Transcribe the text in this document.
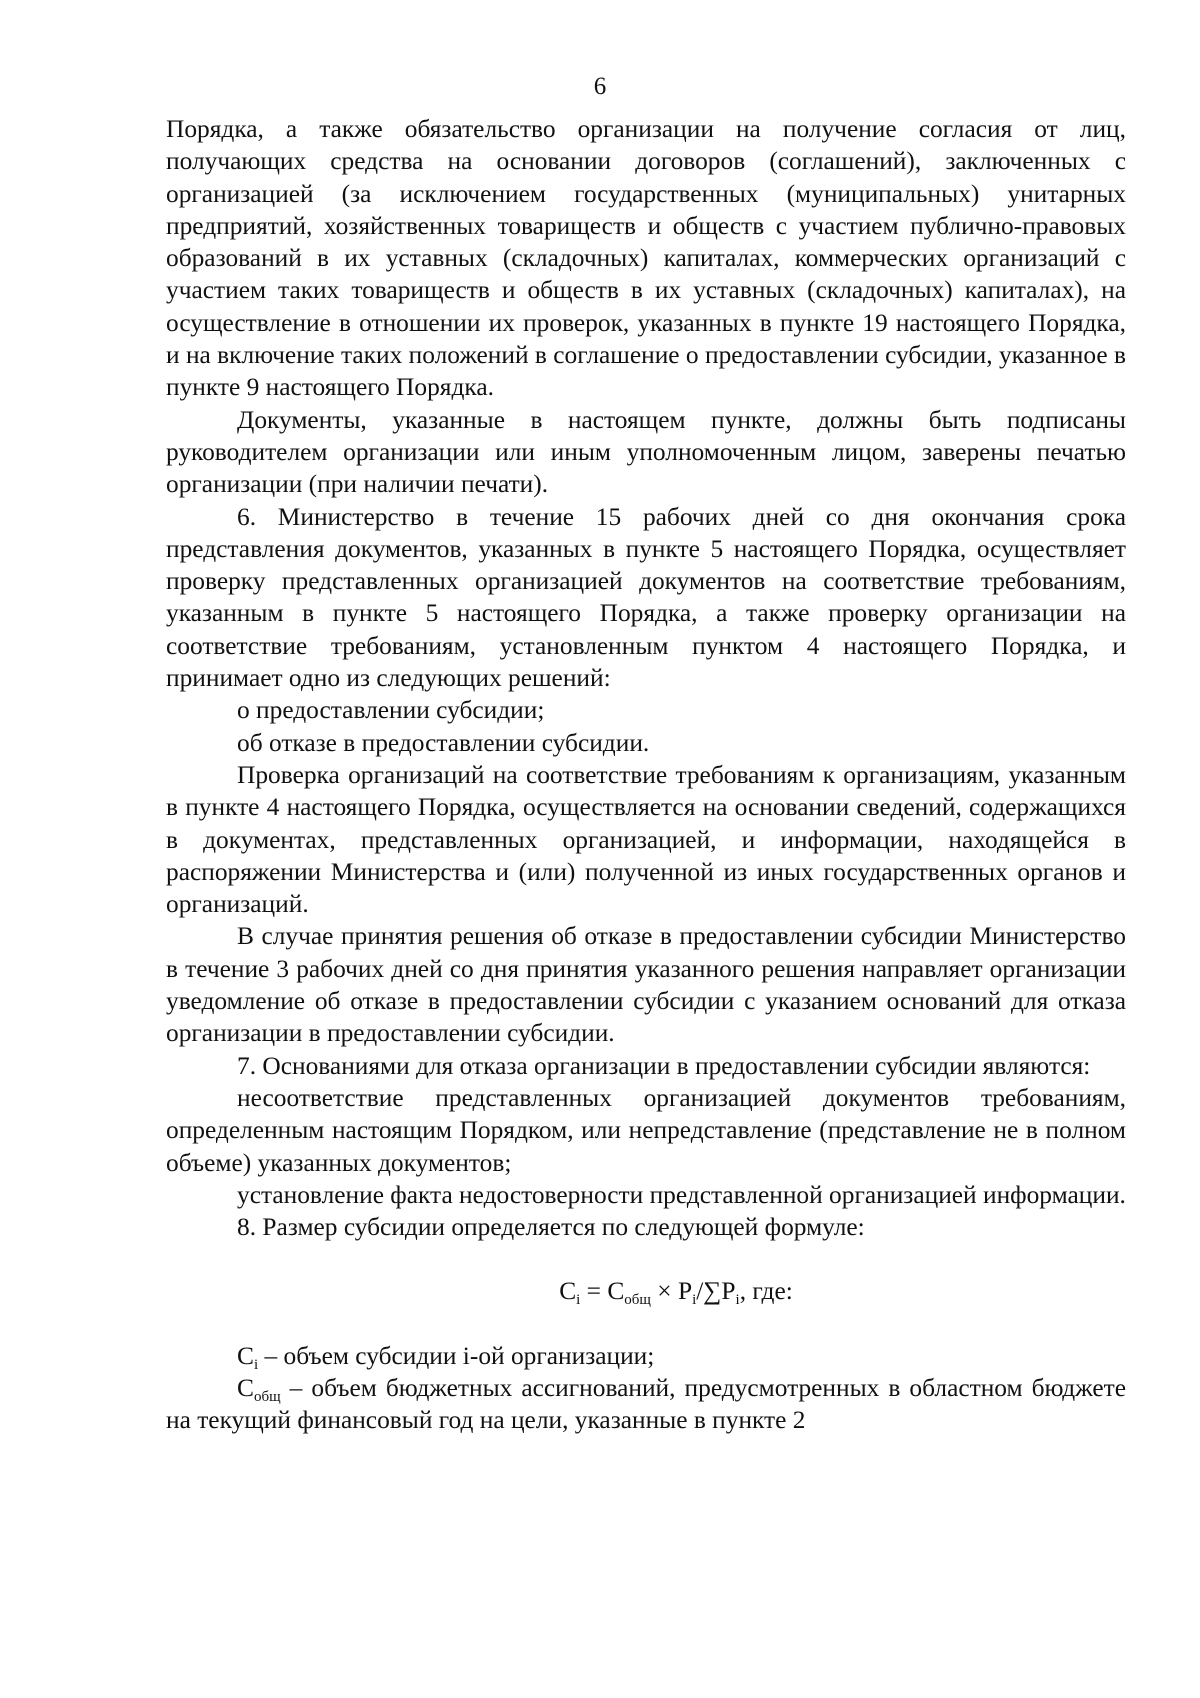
6

Порядка, а также обязательство организации на получение согласия от лиц, получающих средства на основании договоров (соглашений), заключенных с организацией (за исключением государственных (муниципальных) унитарных предприятий, хозяйственных товариществ и обществ с участием публично-правовых образований в их уставных (складочных) капиталах, коммерческих организаций с участием таких товариществ и обществ в их уставных (складочных) капиталах), на осуществление в отношении их проверок, указанных в пункте 19 настоящего Порядка, и на включение таких положений в соглашение о предоставлении субсидии, указанное в пункте 9 настоящего Порядка.

Документы, указанные в настоящем пункте, должны быть подписаны руководителем организации или иным уполномоченным лицом, заверены печатью организации (при наличии печати).

6. Министерство в течение 15 рабочих дней со дня окончания срока представления документов, указанных в пункте 5 настоящего Порядка, осуществляет проверку представленных организацией документов на соответствие требованиям, указанным в пункте 5 настоящего Порядка, а также проверку организации на соответствие требованиям, установленным пунктом 4 настоящего Порядка, и принимает одно из следующих решений:

о предоставлении субсидии;

об отказе в предоставлении субсидии.

Проверка организаций на соответствие требованиям к организациям, указанным в пункте 4 настоящего Порядка, осуществляется на основании сведений, содержащихся в документах, представленных организацией, и информации, находящейся в распоряжении Министерства и (или) полученной из иных государственных органов и организаций.

В случае принятия решения об отказе в предоставлении субсидии Министерство в течение 3 рабочих дней со дня принятия указанного решения направляет организации уведомление об отказе в предоставлении субсидии с указанием оснований для отказа организации в предоставлении субсидии.

7. Основаниями для отказа организации в предоставлении субсидии являются:

несоответствие представленных организацией документов требованиям, определенным настоящим Порядком, или непредставление (представление не в полном объеме) указанных документов;

установление факта недостоверности представленной организацией информации.

8. Размер субсидии определяется по следующей формуле:

$C_i = C_{общ} \times P_i/\sum P_i$, где:

$C_i$ – объем субсидии i-ой организации;

$C_{общ}$ – объем бюджетных ассигнований, предусмотренных в областном бюджете на текущий финансовый год на цели, указанные в пункте 2
